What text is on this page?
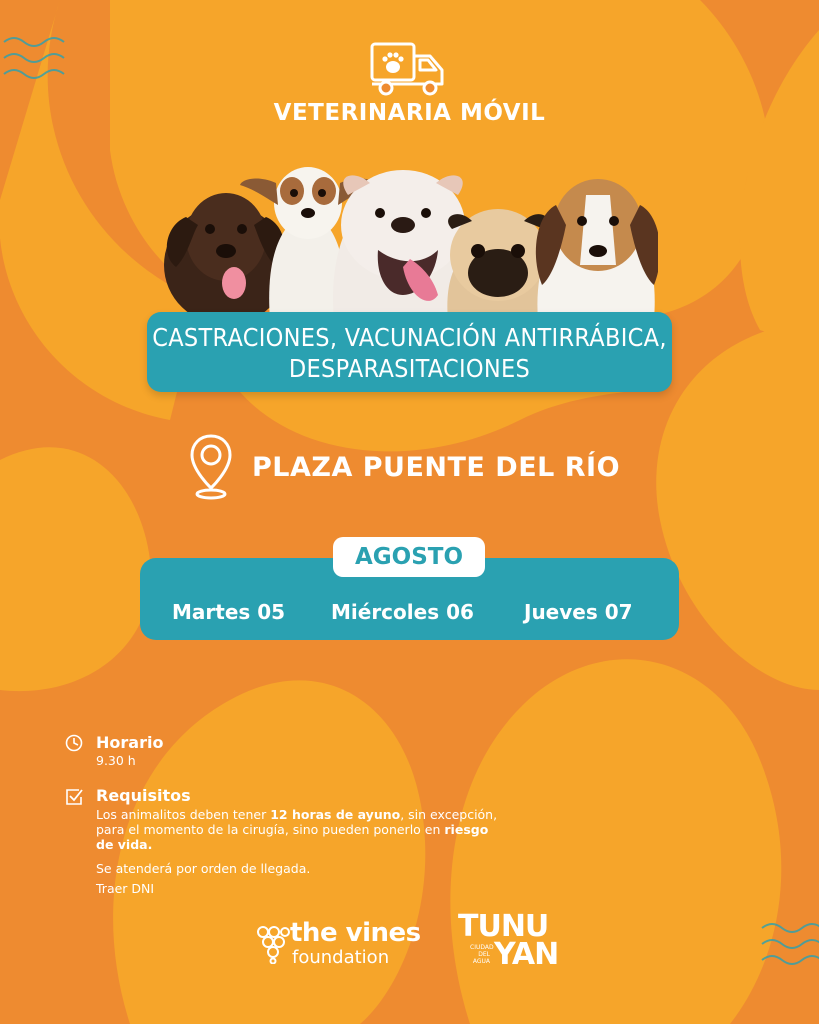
VETERINARIA MÓVIL
CASTRACIONES, VACUNACIÓN ANTIRRÁBICA,
DESPARASITACIONES
PLAZA PUENTE DEL RÍO
AGOSTO
Martes 05 Miércoles 06	Jueves 07
Horario
9.30 h
Requisitos
Los animalitos deben tener 12 horas de ayuno, sin excepción,
para el momento de la cirugía, sino pueden ponerlo en riesgo
de vida.
Se atenderá por orden de llegada.
Traer DNI
the vines
foundation
TUNU
CIUDAD
DEL
AGUA YAN
